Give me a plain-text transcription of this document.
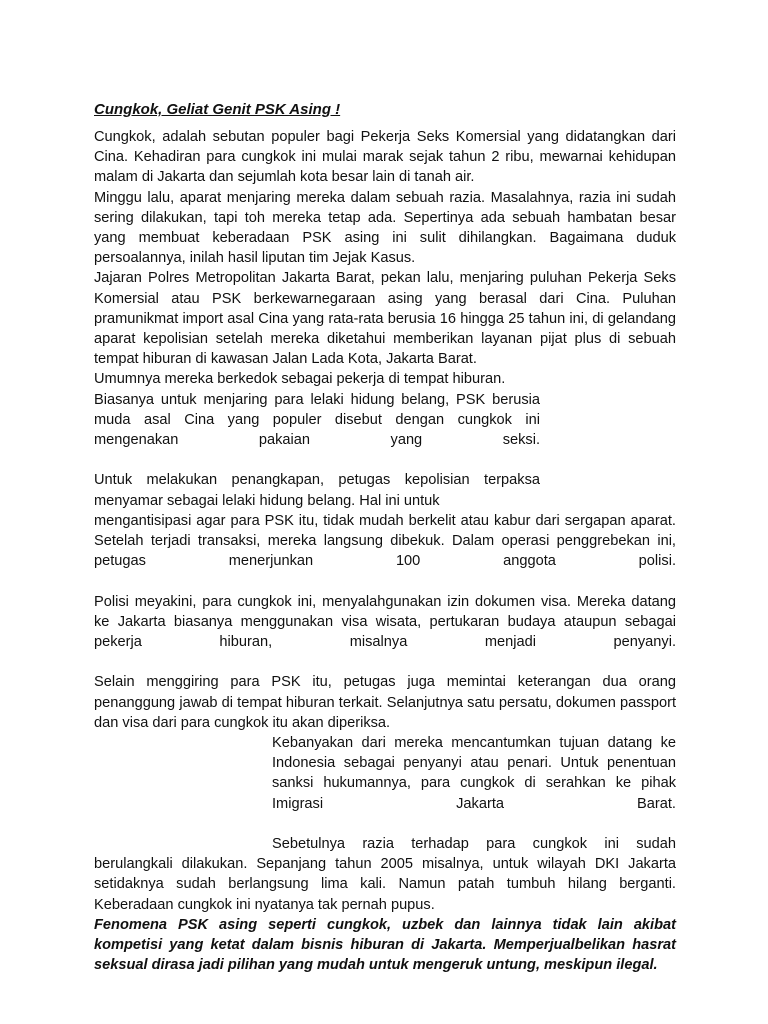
Cungkok, Geliat Genit PSK Asing !

Cungkok, adalah sebutan populer bagi Pekerja Seks Komersial yang didatangkan dari Cina. Kehadiran para cungkok ini mulai marak sejak tahun 2 ribu, mewarnai kehidupan malam di Jakarta dan sejumlah kota besar lain di tanah air.

Minggu lalu, aparat menjaring mereka dalam sebuah razia. Masalahnya, razia ini sudah sering dilakukan, tapi toh mereka tetap ada. Sepertinya ada sebuah hambatan besar yang membuat keberadaan PSK asing ini sulit dihilangkan. Bagaimana duduk persoalannya, inilah hasil liputan tim Jejak Kasus.

Jajaran Polres Metropolitan Jakarta Barat, pekan lalu, menjaring puluhan Pekerja Seks Komersial atau PSK berkewarnegaraan asing yang berasal dari Cina. Puluhan pramunikmat import asal Cina yang rata-rata berusia 16 hingga 25 tahun ini, di gelandang aparat kepolisian setelah mereka diketahui memberikan layanan pijat plus di sebuah tempat hiburan di kawasan Jalan Lada Kota, Jakarta Barat.

Umumnya mereka berkedok sebagai pekerja di tempat hiburan.

Biasanya untuk menjaring para lelaki hidung belang, PSK berusia muda asal Cina yang populer disebut dengan cungkok ini mengenakan pakaian yang seksi.

Untuk melakukan penangkapan, petugas kepolisian terpaksa menyamar sebagai lelaki hidung belang. Hal ini untuk

mengantisipasi agar para PSK itu, tidak mudah berkelit atau kabur dari sergapan aparat. Setelah terjadi transaksi, mereka langsung dibekuk. Dalam operasi penggrebekan ini, petugas menerjunkan 100 anggota polisi.

Polisi meyakini, para cungkok ini, menyalahgunakan izin dokumen visa. Mereka datang ke Jakarta biasanya menggunakan visa wisata, pertukaran budaya ataupun sebagai pekerja hiburan, misalnya menjadi penyanyi.

Selain menggiring para PSK itu, petugas juga memintai keterangan dua orang penanggung jawab di tempat hiburan terkait. Selanjutnya satu persatu, dokumen passport dan visa dari para cungkok itu akan diperiksa.

Kebanyakan dari mereka mencantumkan tujuan datang ke Indonesia sebagai penyanyi atau penari. Untuk penentuan sanksi hukumannya, para cungkok di serahkan ke pihak Imigrasi Jakarta Barat.

Sebetulnya razia terhadap para cungkok ini sudah berulangkali dilakukan. Sepanjang tahun 2005 misalnya, untuk wilayah DKI Jakarta setidaknya sudah berlangsung lima kali. Namun patah tumbuh hilang berganti. Keberadaan cungkok ini nyatanya tak pernah pupus.

Fenomena PSK asing seperti cungkok, uzbek dan lainnya tidak lain akibat kompetisi yang ketat dalam bisnis hiburan di Jakarta. Memperjualbelikan hasrat seksual dirasa jadi pilihan yang mudah untuk mengeruk untung, meskipun ilegal.
